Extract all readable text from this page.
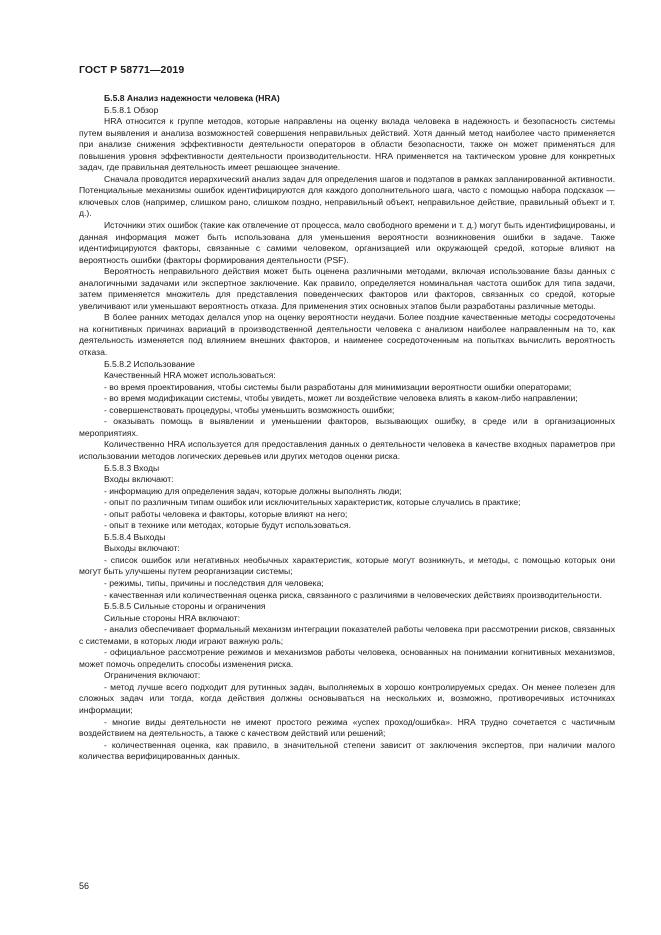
ГОСТ Р 58771—2019

Б.5.8 Анализ надежности человека (HRA)

Б.5.8.1 Обзор

HRA относится к группе методов, которые направлены на оценку вклада человека в надежность и безопасность системы путем выявления и анализа возможностей совершения неправильных действий. Хотя данный метод наиболее часто применяется при анализе снижения эффективности деятельности операторов в области безопасности, также он может применяться для повышения уровня эффективности деятельности производительности. HRA применяется на тактическом уровне для конкретных задач, где правильная деятельность имеет решающее значение.

Сначала проводится иерархический анализ задач для определения шагов и подэтапов в рамках запланированной активности. Потенциальные механизмы ошибок идентифицируются для каждого дополнительного шага, часто с помощью набора подсказок — ключевых слов (например, слишком рано, слишком поздно, неправильный объект, неправильное действие, правильный объект и т. д.).

Источники этих ошибок (такие как отвлечение от процесса, мало свободного времени и т. д.) могут быть идентифицированы, и данная информация может быть использована для уменьшения вероятности возникновения ошибки в задаче. Также идентифицируются факторы, связанные с самими человеком, организацией или окружающей средой, которые влияют на вероятность ошибки (факторы формирования деятельности (PSF).

Вероятность неправильного действия может быть оценена различными методами, включая использование базы данных с аналогичными задачами или экспертное заключение. Как правило, определяется номинальная частота ошибок для типа задачи, затем применяется множитель для представления поведенческих факторов или факторов, связанных со средой, которые увеличивают или уменьшают вероятность отказа. Для применения этих основных этапов были разработаны различные методы.

В более ранних методах делался упор на оценку вероятности неудачи. Более поздние качественные методы сосредоточены на когнитивных причинах вариаций в производственной деятельности человека с анализом наиболее направленным на то, как деятельность изменяется под влиянием внешних факторов, и наименее сосредоточенным на попытках вычислить вероятность отказа.

Б.5.8.2 Использование

Качественный HRA может использоваться:

- во время проектирования, чтобы системы были разработаны для минимизации вероятности ошибки операторами;

- во время модификации системы, чтобы увидеть, может ли воздействие человека влиять в каком-либо направлении;

- совершенствовать процедуры, чтобы уменьшить возможность ошибки;

- оказывать помощь в выявлении и уменьшении факторов, вызывающих ошибку, в среде или в организационных мероприятиях.

Количественно HRA используется для предоставления данных о деятельности человека в качестве входных параметров при использовании методов логических деревьев или других методов оценки риска.

Б.5.8.3 Входы

Входы включают:

- информацию для определения задач, которые должны выполнять люди;

- опыт по различным типам ошибок или исключительных характеристик, которые случались в практике;

- опыт работы человека и факторы, которые влияют на него;

- опыт в технике или методах, которые будут использоваться.

Б.5.8.4 Выходы

Выходы включают:

- список ошибок или негативных необычных характеристик, которые могут возникнуть, и методы, с помощью которых они могут быть улучшены путем реорганизации системы;

- режимы, типы, причины и последствия для человека;

- качественная или количественная оценка риска, связанного с различиями в человеческих действиях производительности.

Б.5.8.5 Сильные стороны и ограничения

Сильные стороны HRA включают:

- анализ обеспечивает формальный механизм интеграции показателей работы человека при рассмотрении рисков, связанных с системами, в которых люди играют важную роль;

- официальное рассмотрение режимов и механизмов работы человека, основанных на понимании когнитивных механизмов, может помочь определить способы изменения риска.

Ограничения включают:

- метод лучше всего подходит для рутинных задач, выполняемых в хорошо контролируемых средах. Он менее полезен для сложных задач или тогда, когда действия должны основываться на нескольких и, возможно, противоречивых источниках информации;

- многие виды деятельности не имеют простого режима «успех проход/ошибка». HRA трудно сочетается с частичным воздействием на деятельность, а также с качеством действий или решений;

- количественная оценка, как правило, в значительной степени зависит от заключения экспертов, при наличии малого количества верифицированных данных.

56
